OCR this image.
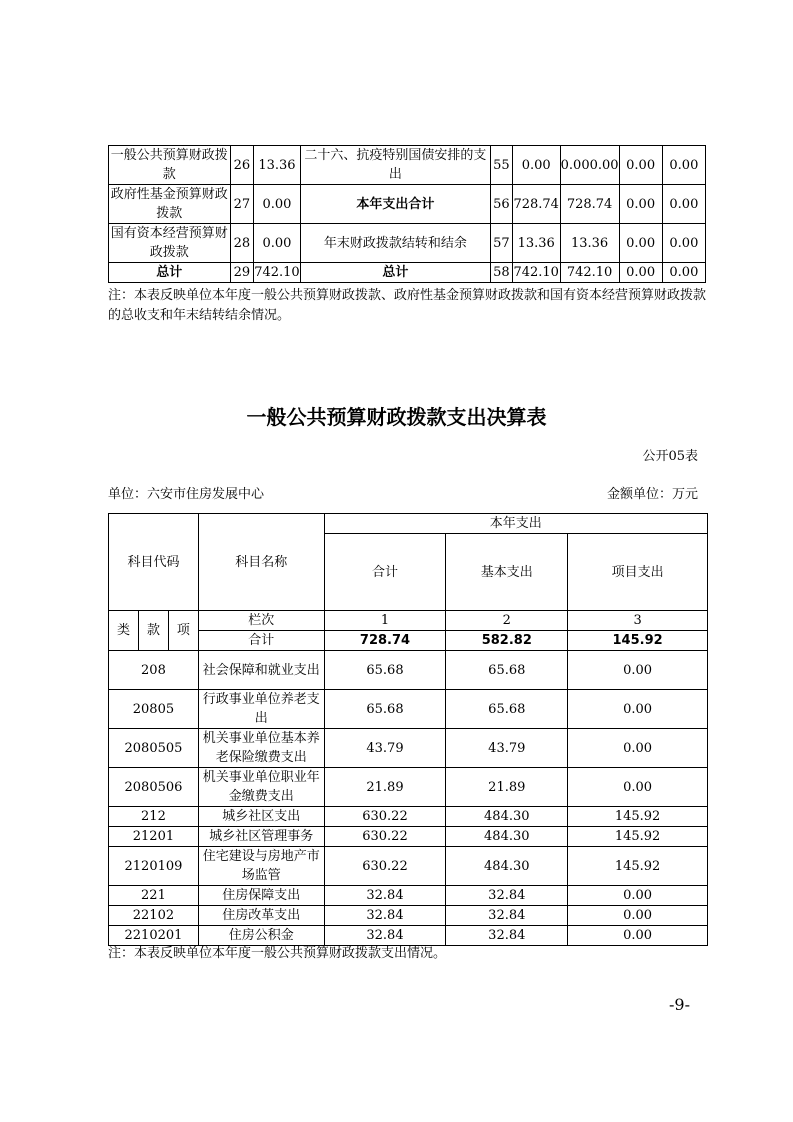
一般公共预算财政拨款	26	13.36	二十六、抗疫特别国债安排的支出	55	0.00	0.000.00	0.00	0.00
政府性基金预算财政拨款	27	0.00	本年支出合计	56	728.74	728.74	0.00	0.00
国有资本经营预算财政拨款	28	0.00	年末财政拨款结转和结余	57	13.36	13.36	0.00	0.00
总计	29	742.10	总计	58	742.10	742.10	0.00	0.00
注：本表反映单位本年度一般公共预算财政拨款、政府性基金预算财政拨款和国有资本经营预算财政拨款的总收支和年末结转结余情况。
一般公共预算财政拨款支出决算表
公开05表
单位：六安市住房发展中心	金额单位：万元
科目代码			科目名称	本年支出		
				合计	基本支出	项目支出

类	款	项	栏次	1	2	3
			合计	728.74	582.82	145.92
208			社会保障和就业支出	65.68	65.68	0.00
20805			行政事业单位养老支出	65.68	65.68	0.00
2080505			机关事业单位基本养老保险缴费支出	43.79	43.79	0.00
2080506			机关事业单位职业年金缴费支出	21.89	21.89	0.00
212			城乡社区支出	630.22	484.30	145.92
21201			城乡社区管理事务	630.22	484.30	145.92
2120109			住宅建设与房地产市场监管	630.22	484.30	145.92
221			住房保障支出	32.84	32.84	0.00
22102			住房改革支出	32.84	32.84	0.00
2210201			住房公积金	32.84	32.84	0.00
注：本表反映单位本年度一般公共预算财政拨款支出情况。
-9-
